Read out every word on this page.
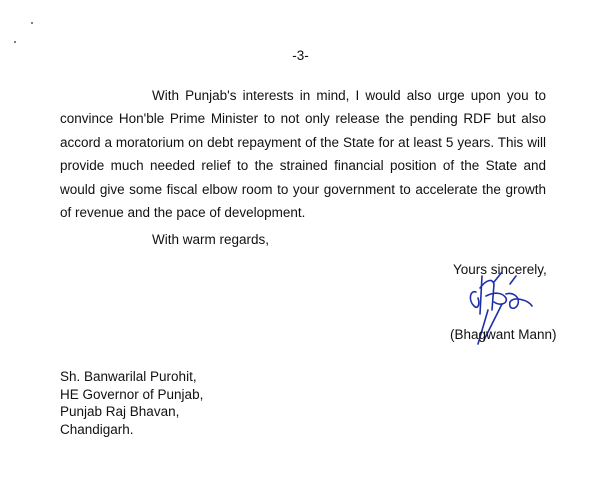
-3-

With Punjab's interests in mind, I would also urge upon you to convince Hon'ble Prime Minister to not only release the pending RDF but also accord a moratorium on debt repayment of the State for at least 5 years. This will provide much needed relief to the strained financial position of the State and would give some fiscal elbow room to your government to accelerate the growth of revenue and the pace of development.

With warm regards,
Yours sincerely,
(Bhagwant Mann)
Sh. Banwarilal Purohit,
HE Governor of Punjab,
Punjab Raj Bhavan,
Chandigarh.
